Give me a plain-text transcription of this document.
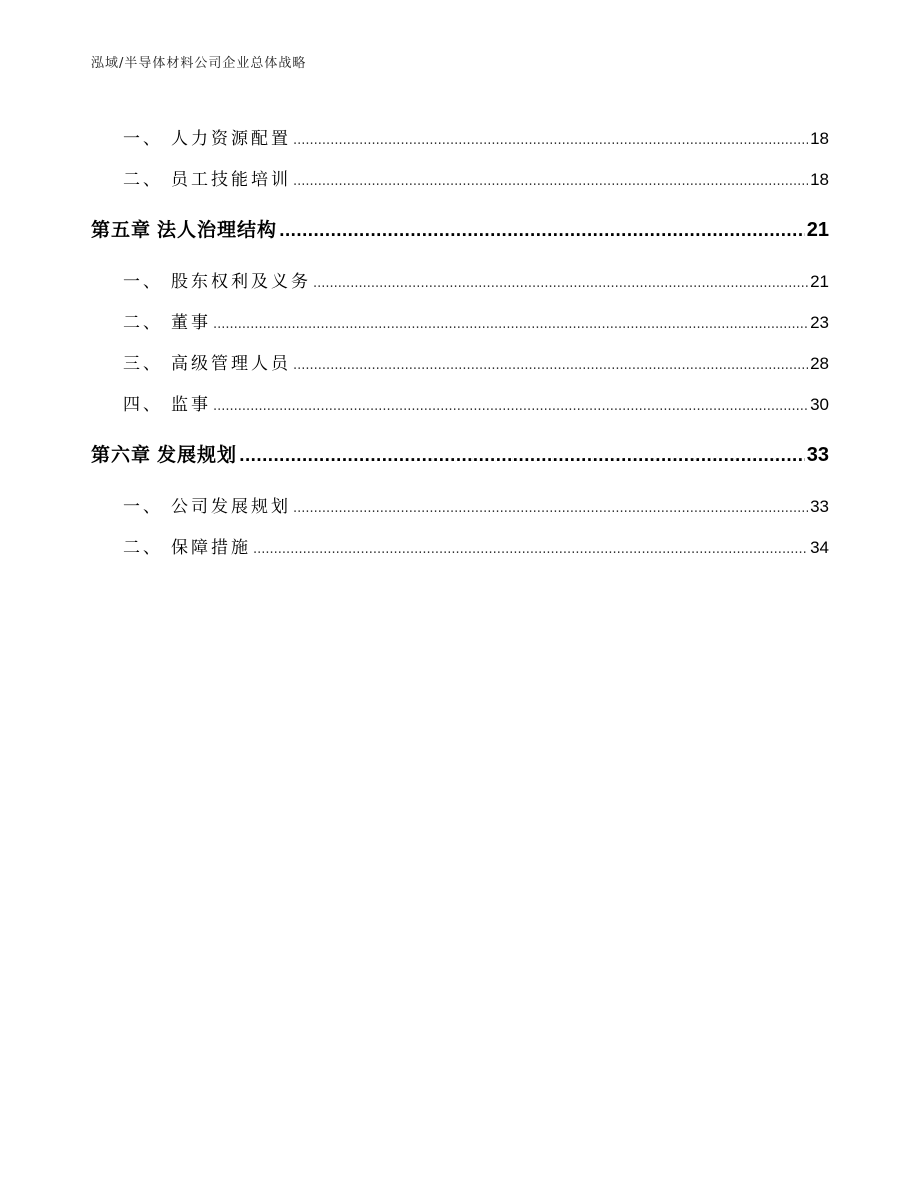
泓域/半导体材料公司企业总体战略
一、 人力资源配置 .....	18
二、 员工技能培训 .....	18
第五章 法人治理结构 .....	21
一、 股东权利及义务 .....	21
二、 董事 .....	23
三、 高级管理人员 .....	28
四、 监事 .....	30
第六章 发展规划 .....	33
一、 公司发展规划 .....	33
二、 保障措施 .....	34
